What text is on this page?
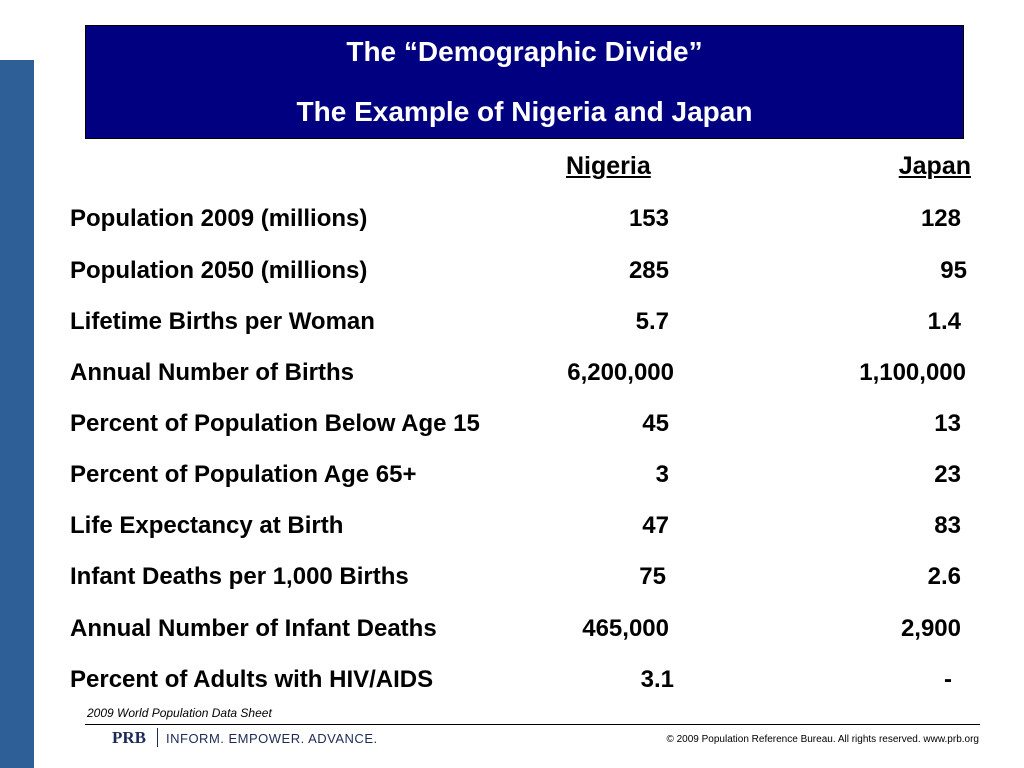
The “Demographic Divide”
The Example of Nigeria and Japan
Nigeria	Japan
Population 2009 (millions)	153	128
Population 2050 (millions)	285	95
Lifetime Births per Woman	5.7	1.4
Annual Number of Births	6,200,000	1,100,000
Percent of Population Below Age 15	45	13
Percent of Population Age 65+	3	23
Life Expectancy at Birth	47	83
Infant Deaths per 1,000 Births	75	2.6
Annual Number of Infant Deaths	465,000	2,900
Percent of Adults with HIV/AIDS	3.1	-
2009 World Population Data Sheet
PRB INFORM. EMPOWER. ADVANCE.	© 2009 Population Reference Bureau. All rights reserved. www.prb.org
